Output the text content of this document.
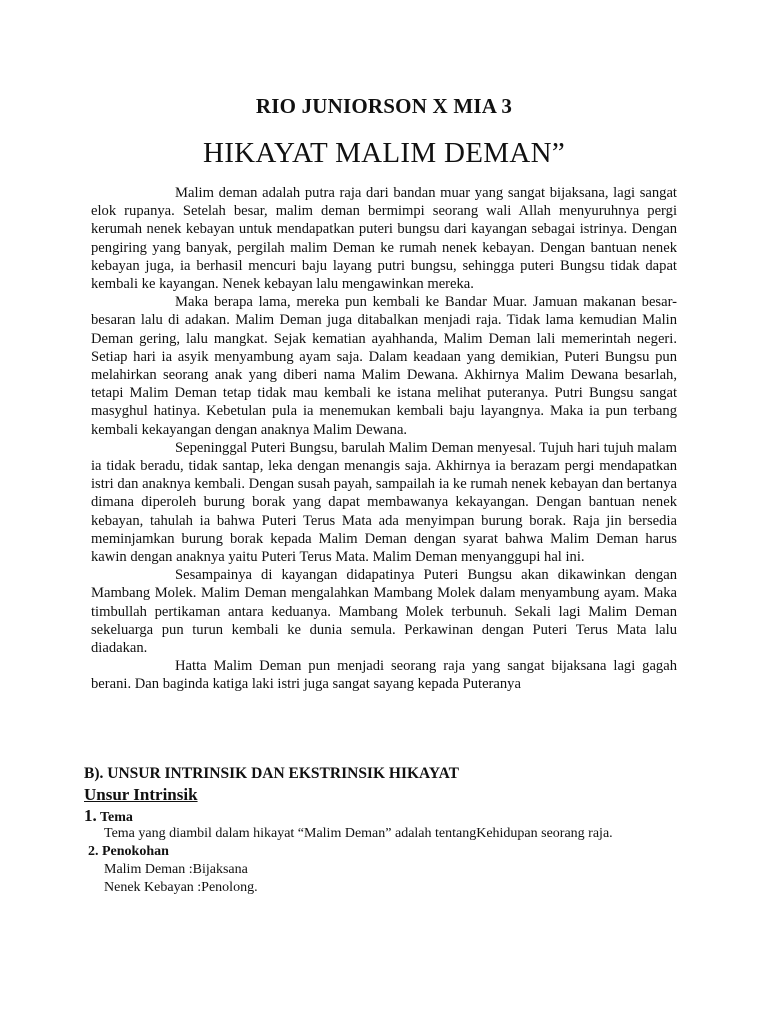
RIO JUNIORSON X MIA 3
HIKAYAT MALIM DEMAN”

Malim deman adalah putra raja dari bandan muar yang sangat bijaksana, lagi sangat elok rupanya. Setelah besar, malim deman bermimpi seorang wali Allah menyuruhnya pergi kerumah nenek kebayan untuk mendapatkan puteri bungsu dari kayangan sebagai istrinya. Dengan pengiring yang banyak, pergilah malim Deman ke rumah nenek kebayan. Dengan bantuan nenek kebayan juga, ia berhasil mencuri baju layang putri bungsu, sehingga puteri Bungsu tidak dapat kembali ke kayangan. Nenek kebayan lalu mengawinkan mereka.

Maka berapa lama, mereka pun kembali ke Bandar Muar. Jamuan makanan besar-besaran lalu di adakan. Malim Deman juga ditabalkan menjadi raja. Tidak lama kemudian Malin Deman gering, lalu mangkat. Sejak kematian ayahhanda, Malim Deman lali memerintah negeri. Setiap hari ia asyik menyambung ayam saja. Dalam keadaan yang demikian, Puteri Bungsu pun melahirkan seorang anak yang diberi nama Malim Dewana. Akhirnya Malim Dewana besarlah, tetapi Malim Deman tetap tidak mau kembali ke istana melihat puteranya. Putri Bungsu sangat masyghul hatinya. Kebetulan pula ia menemukan kembali baju layangnya. Maka ia pun terbang kembali kekayangan dengan anaknya Malim Dewana.

Sepeninggal Puteri Bungsu, barulah Malim Deman menyesal. Tujuh hari tujuh malam ia tidak beradu, tidak santap, leka dengan menangis saja. Akhirnya ia berazam pergi mendapatkan istri dan anaknya kembali. Dengan susah payah, sampailah ia ke rumah nenek kebayan dan bertanya dimana diperoleh burung borak yang dapat membawanya kekayangan. Dengan bantuan nenek kebayan, tahulah ia bahwa Puteri Terus Mata ada menyimpan burung borak. Raja jin bersedia meminjamkan burung borak kepada Malim Deman dengan syarat bahwa Malim Deman harus kawin dengan anaknya yaitu Puteri Terus Mata. Malim Deman menyanggupi hal ini.

Sesampainya di kayangan didapatinya Puteri Bungsu akan dikawinkan dengan Mambang Molek. Malim Deman mengalahkan Mambang Molek dalam menyambung ayam. Maka timbullah pertikaman antara keduanya. Mambang Molek terbunuh. Sekali lagi Malim Deman sekeluarga pun turun kembali ke dunia semula. Perkawinan dengan Puteri Terus Mata lalu diadakan.

Hatta Malim Deman pun menjadi seorang raja yang sangat bijaksana lagi gagah berani. Dan baginda katiga laki istri juga sangat sayang kepada Puteranya

B). UNSUR INTRINSIK DAN EKSTRINSIK HIKAYAT
Unsur Intrinsik
1. Tema
Tema yang diambil dalam hikayat “Malim Deman” adalah tentangKehidupan seorang raja.
2. Penokohan
Malim Deman :Bijaksana
Nenek Kebayan :Penolong.
